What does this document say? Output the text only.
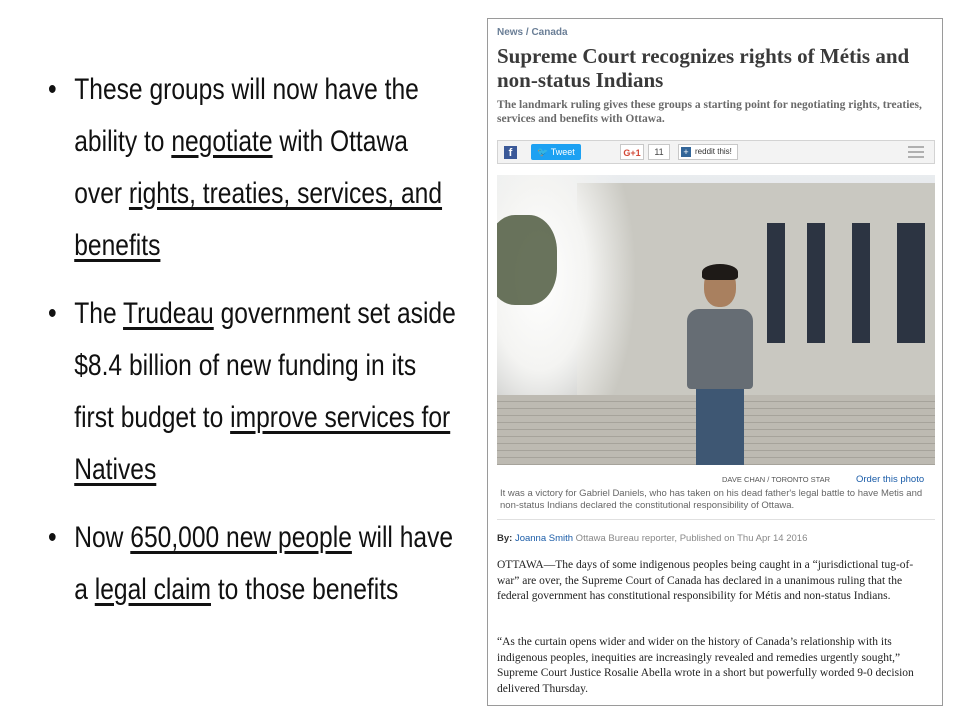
• These groups will now have the ability to negotiate with Ottawa over rights, treaties, services, and benefits
• The Trudeau government set aside $8.4 billion of new funding in its first budget to improve services for Natives
• Now 650,000 new people will have a legal claim to those benefits
News / Canada
Supreme Court recognizes rights of Métis and non-status Indians
The landmark ruling gives these groups a starting point for negotiating rights, treaties, services and benefits with Ottawa.
f	🐦 Tweet	G+1	11	+ reddit this!
DAVE CHAN / TORONTO STAR	Order this photo
It was a victory for Gabriel Daniels, who has taken on his dead father's legal battle to have Metis and non-status Indians declared the constitutional responsibility of Ottawa.
By: Joanna Smith Ottawa Bureau reporter, Published on Thu Apr 14 2016
OTTAWA—The days of some indigenous peoples being caught in a “jurisdictional tug-of-war” are over, the Supreme Court of Canada has declared in a unanimous ruling that the federal government has constitutional responsibility for Métis and non-status Indians.
“As the curtain opens wider and wider on the history of Canada’s relationship with its indigenous peoples, inequities are increasingly revealed and remedies urgently sought,” Supreme Court Justice Rosalie Abella wrote in a short but powerfully worded 9-0 decision delivered Thursday.
